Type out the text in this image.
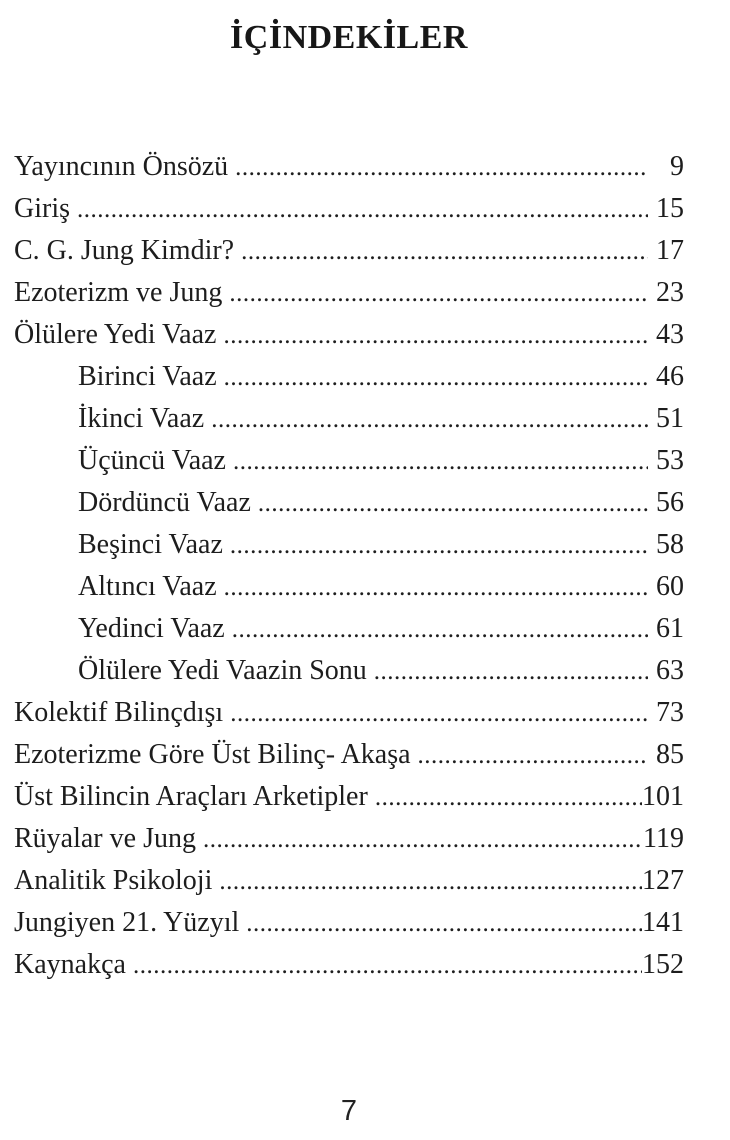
İÇİNDEKİLER
Yayıncının Önsözü .....	9
Giriş .....	15
C. G. Jung Kimdir? .....	17
Ezoterizm ve Jung .....	23
Ölülere Yedi Vaaz .....	43
Birinci Vaaz .....	46
İkinci Vaaz .....	51
Üçüncü Vaaz .....	53
Dördüncü Vaaz .....	56
Beşinci Vaaz .....	58
Altıncı Vaaz .....	60
Yedinci Vaaz .....	61
Ölülere Yedi Vaazin Sonu .....	63
Kolektif Bilinçdışı .....	73
Ezoterizme Göre Üst Bilinç- Akaşa .....	85
Üst Bilincin Araçları Arketipler .....	101
Rüyalar ve Jung .....	119
Analitik Psikoloji .....	127
Jungiyen 21. Yüzyıl .....	141
Kaynakça .....	152
7
